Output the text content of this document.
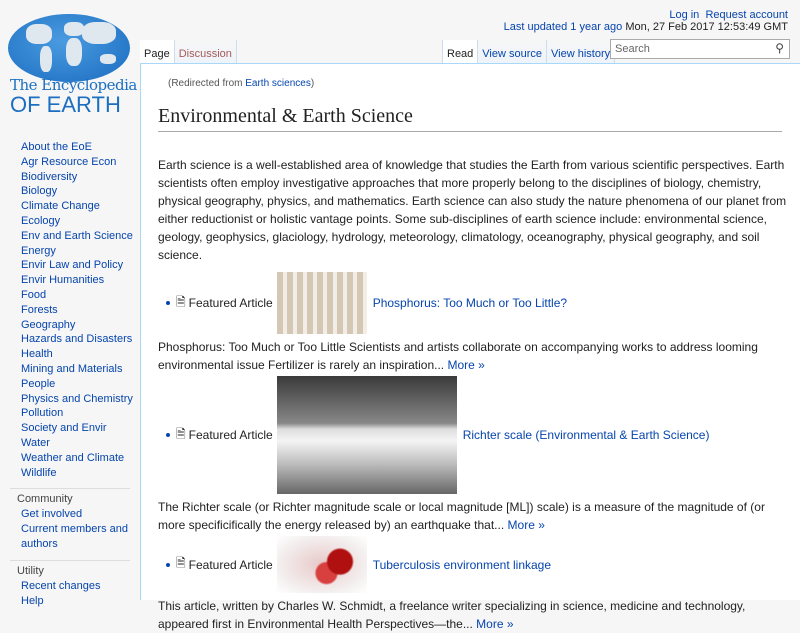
The Encyclopedia
OF EARTH
Log in Request account
Last updated 1 year ago Mon, 27 Feb 2017 12:53:49 GMT
Page Discussion	Read View source View history Search	⚲
About the EoE
Agr Resource Econ
Biodiversity
Biology
Climate Change
Ecology
Env and Earth Science
Energy
Envir Law and Policy
Envir Humanities
Food
Forests
Geography
Hazards and Disasters
Health
Mining and Materials
People
Physics and Chemistry
Pollution
Society and Envir
Water
Weather and Climate
Wildlife
Community
Get involved
Current members and authors
Utility
Recent changes
Help
(Redirected from Earth sciences)
Environmental & Earth Science

Earth science is a well-established area of knowledge that studies the Earth from various scientific perspectives. Earth scientists often employ investigative approaches that more properly belong to the disciplines of biology, chemistry, physical geography, physics, and mathematics. Earth science can also study the nature phenomena of our planet from either reductionist or holistic vantage points. Some sub-disciplines of earth science include: environmental science, geology, geophysics, glaciology, hydrology, meteorology, climatology, oceanography, physical geography, and soil science.

🗎 Featured Article	Phosphorus: Too Much or Too Little?
Phosphorus: Too Much or Too Little Scientists and artists collaborate on accompanying works to address looming environmental issue Fertilizer is rarely an inspiration... More »
🗎 Featured Article	Richter scale (Environmental & Earth Science)
The Richter scale (or Richter magnitude scale or local magnitude [ML]) scale) is a measure of the magnitude of (or more specificifically the energy released by) an earthquake that... More »
🗎 Featured Article	Tuberculosis environment linkage
This article, written by Charles W. Schmidt, a freelance writer specializing in science, medicine and technology, appeared first in Environmental Health Perspectives—the... More »
